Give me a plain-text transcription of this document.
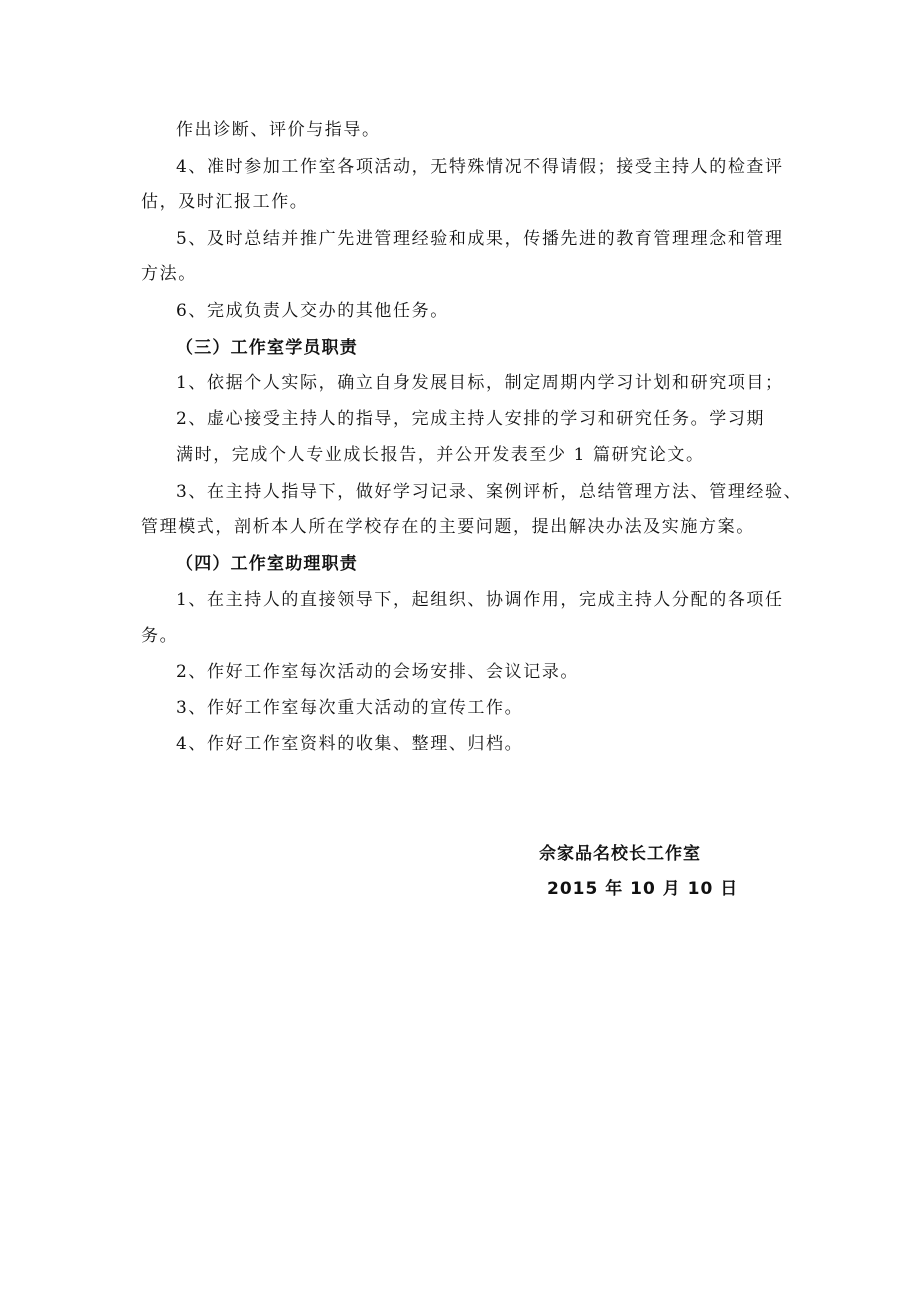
作出诊断、评价与指导。
4、准时参加工作室各项活动，无特殊情况不得请假；接受主持人的检查评
估，及时汇报工作。
5、及时总结并推广先进管理经验和成果，传播先进的教育管理理念和管理
方法。
6、完成负责人交办的其他任务。
（三）工作室学员职责
1、依据个人实际，确立自身发展目标，制定周期内学习计划和研究项目；
2、虚心接受主持人的指导，完成主持人安排的学习和研究任务。学习期
满时，完成个人专业成长报告，并公开发表至少 1 篇研究论文。
3、在主持人指导下，做好学习记录、案例评析，总结管理方法、管理经验、
管理模式，剖析本人所在学校存在的主要问题，提出解决办法及实施方案。
（四）工作室助理职责
1、在主持人的直接领导下，起组织、协调作用，完成主持人分配的各项任
务。
2、作好工作室每次活动的会场安排、会议记录。
3、作好工作室每次重大活动的宣传工作。
4、作好工作室资料的收集、整理、归档。
佘家品名校长工作室
2015 年 10 月 10 日
